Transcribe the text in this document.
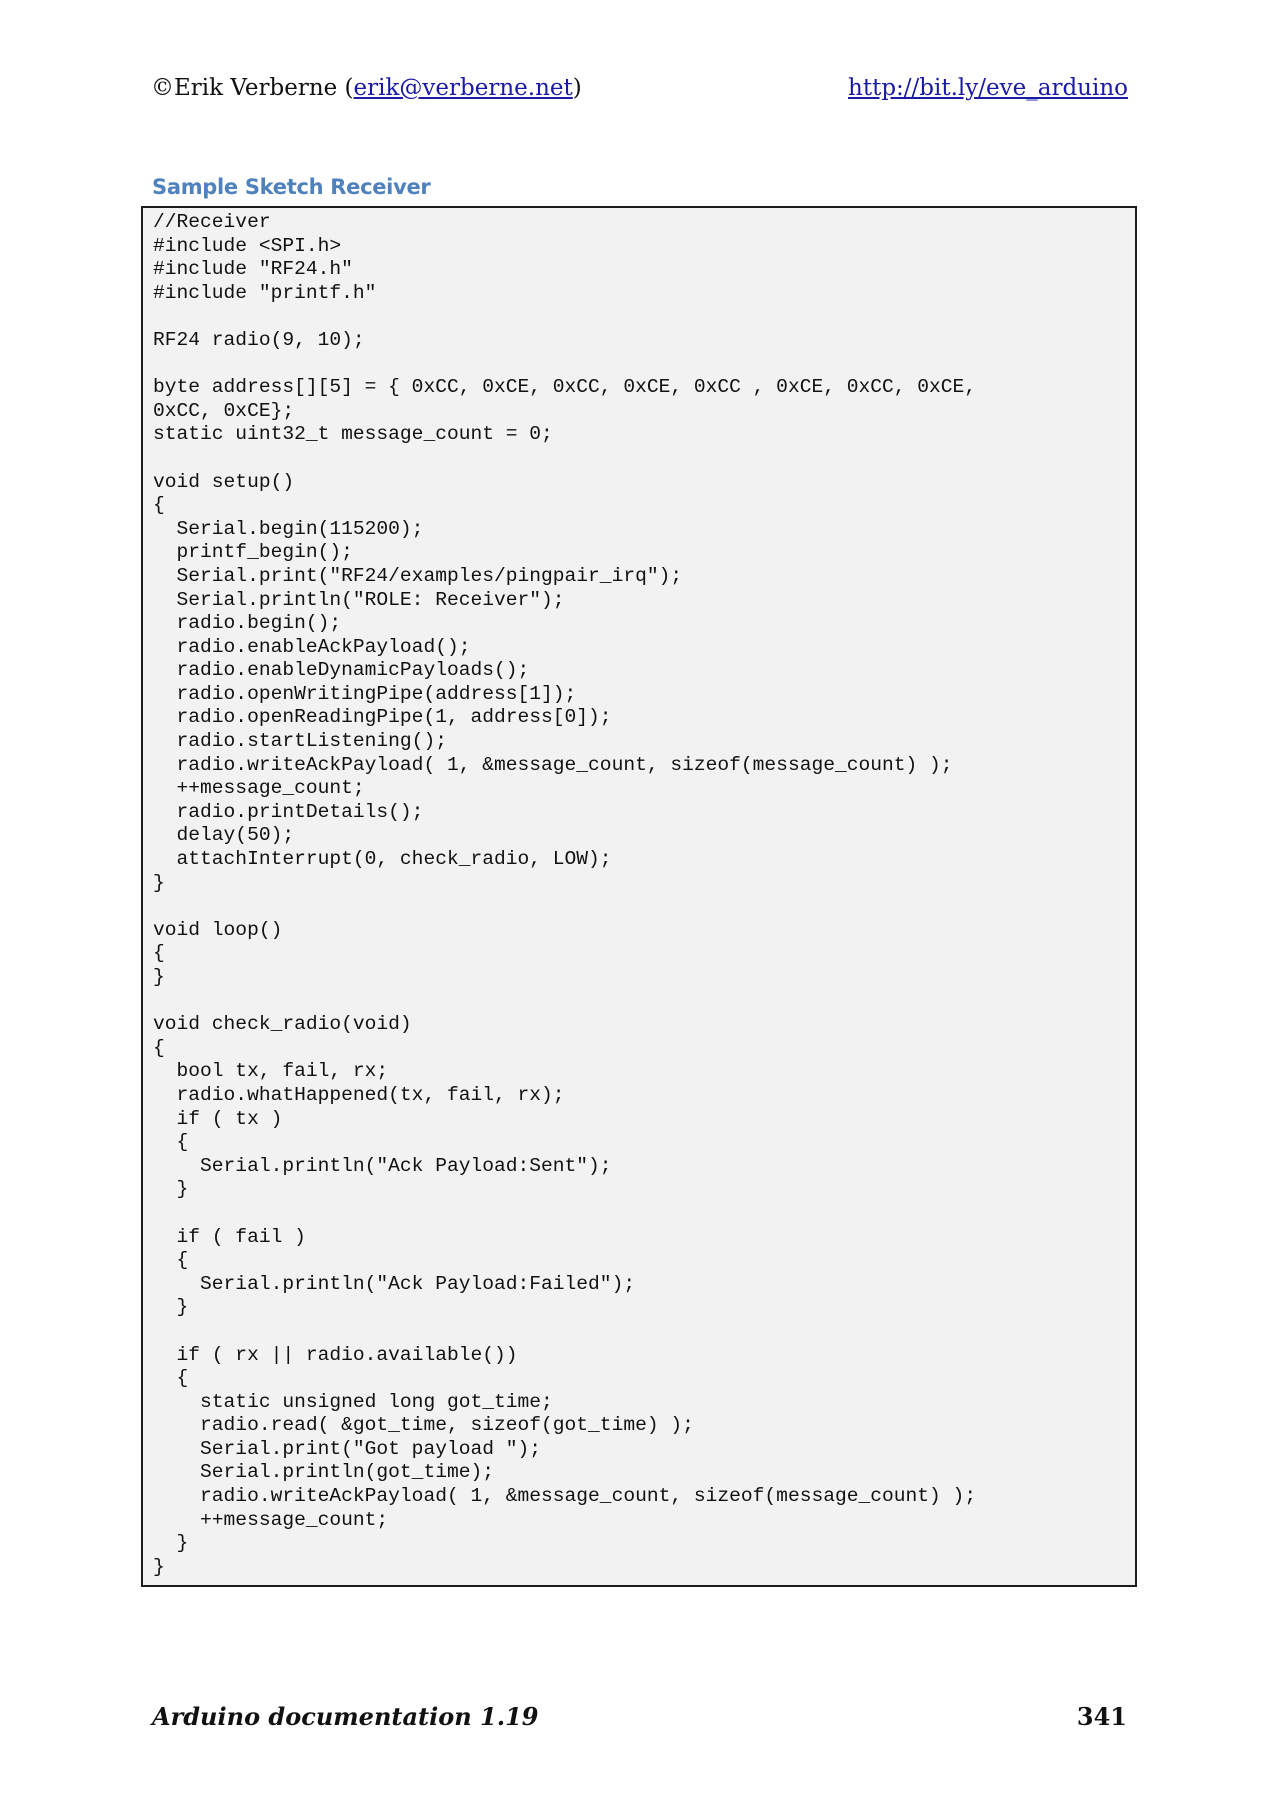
©Erik Verberne (erik@verberne.net)	http://bit.ly/eve_arduino
Sample Sketch Receiver
//Receiver
#include <SPI.h>
#include "RF24.h"
#include "printf.h"

RF24 radio(9, 10);

byte address[][5] = { 0xCC, 0xCE, 0xCC, 0xCE, 0xCC , 0xCE, 0xCC, 0xCE,
0xCC, 0xCE};
static uint32_t message_count = 0;

void setup()
{
Serial.begin(115200);
printf_begin();
Serial.print("RF24/examples/pingpair_irq");
Serial.println("ROLE: Receiver");
radio.begin();
radio.enableAckPayload();
radio.enableDynamicPayloads();
radio.openWritingPipe(address[1]);
radio.openReadingPipe(1, address[0]);
radio.startListening();
radio.writeAckPayload( 1, &message_count, sizeof(message_count) );
++message_count;
radio.printDetails();
delay(50);
attachInterrupt(0, check_radio, LOW);
}

void loop()
{
}

void check_radio(void)
{
bool tx, fail, rx;
radio.whatHappened(tx, fail, rx);
if ( tx )
{
Serial.println("Ack Payload:Sent");
}

if ( fail )
{
Serial.println("Ack Payload:Failed");
}

if ( rx || radio.available())
{
static unsigned long got_time;
radio.read( &got_time, sizeof(got_time) );
Serial.print("Got payload ");
Serial.println(got_time);
radio.writeAckPayload( 1, &message_count, sizeof(message_count) );
++message_count;
}
}
Arduino documentation 1.19	341
